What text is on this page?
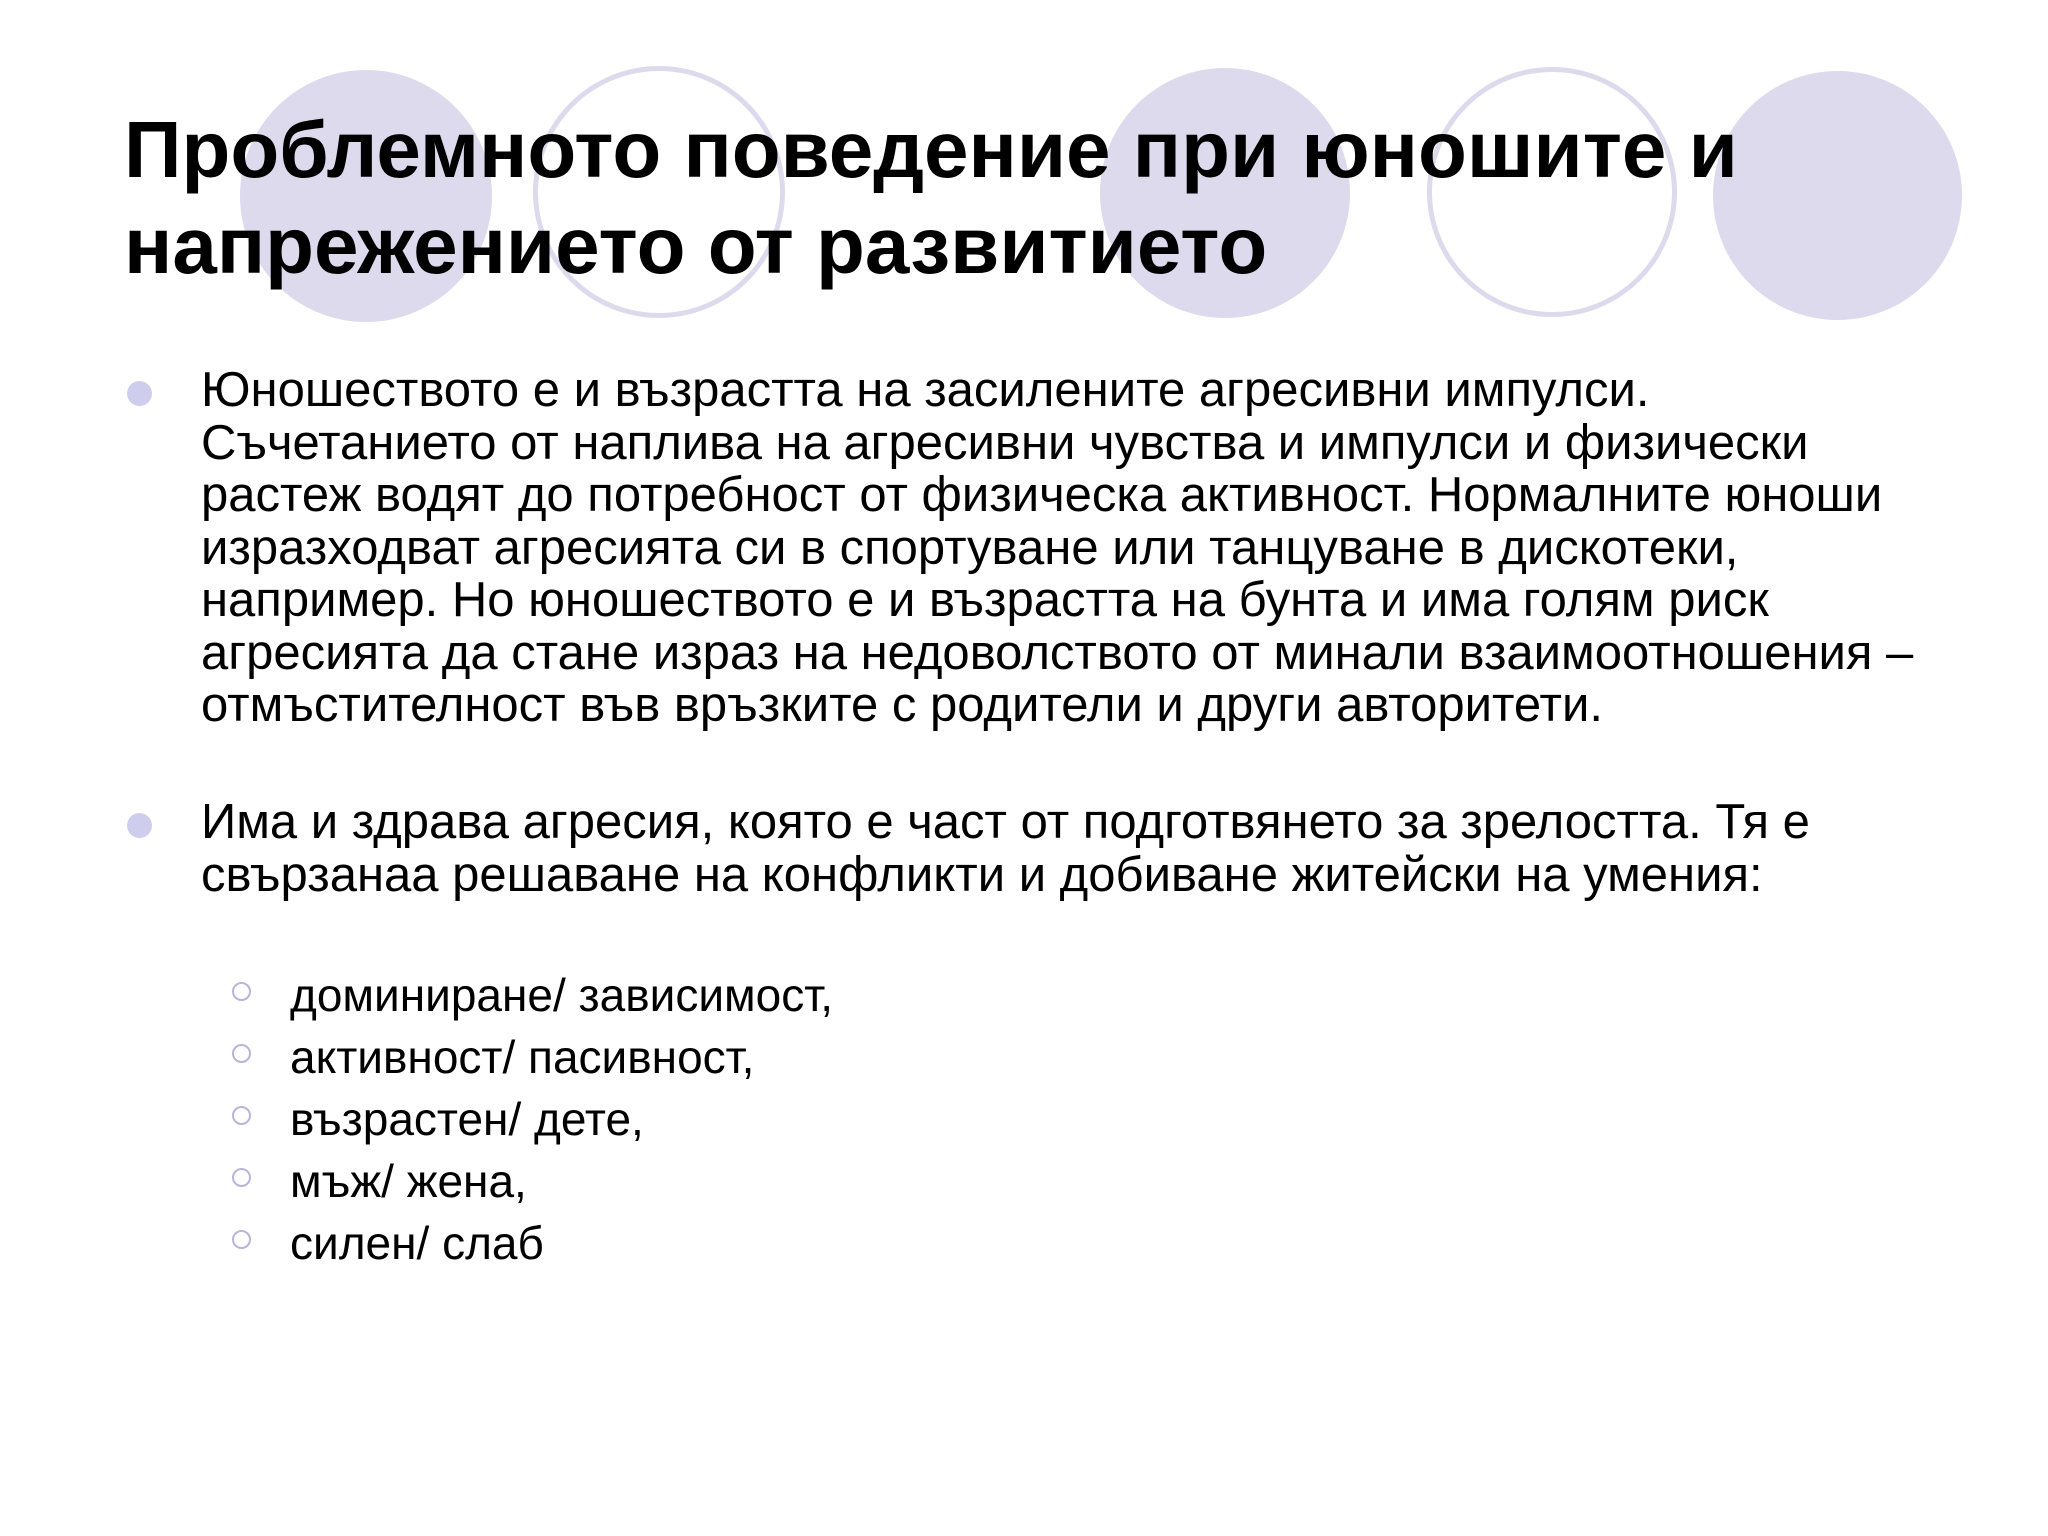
Проблемното поведение при юношите и напрежението от развитието
Юношеството е и възрастта на засилените агресивни импулси. Съчетанието от наплива на агресивни чувства и импулси и физически растеж водят до потребност от физическа активност. Нормалните юноши изразходват агресията си в спортуване или танцуване в дискотеки, например. Но юношеството е и възрастта на бунта и има голям риск агресията да стане израз на недоволството от минали взаимоотношения – отмъстителност във връзките с родители и други авторитети.
Има и здрава агресия, която е част от подготвянето за зрелостта. Тя е свързанаа решаване на конфликти и добиване житейски на умения:
доминиране/ зависимост,
активност/ пасивност,
възрастен/ дете,
мъж/ жена,
силен/ слаб
